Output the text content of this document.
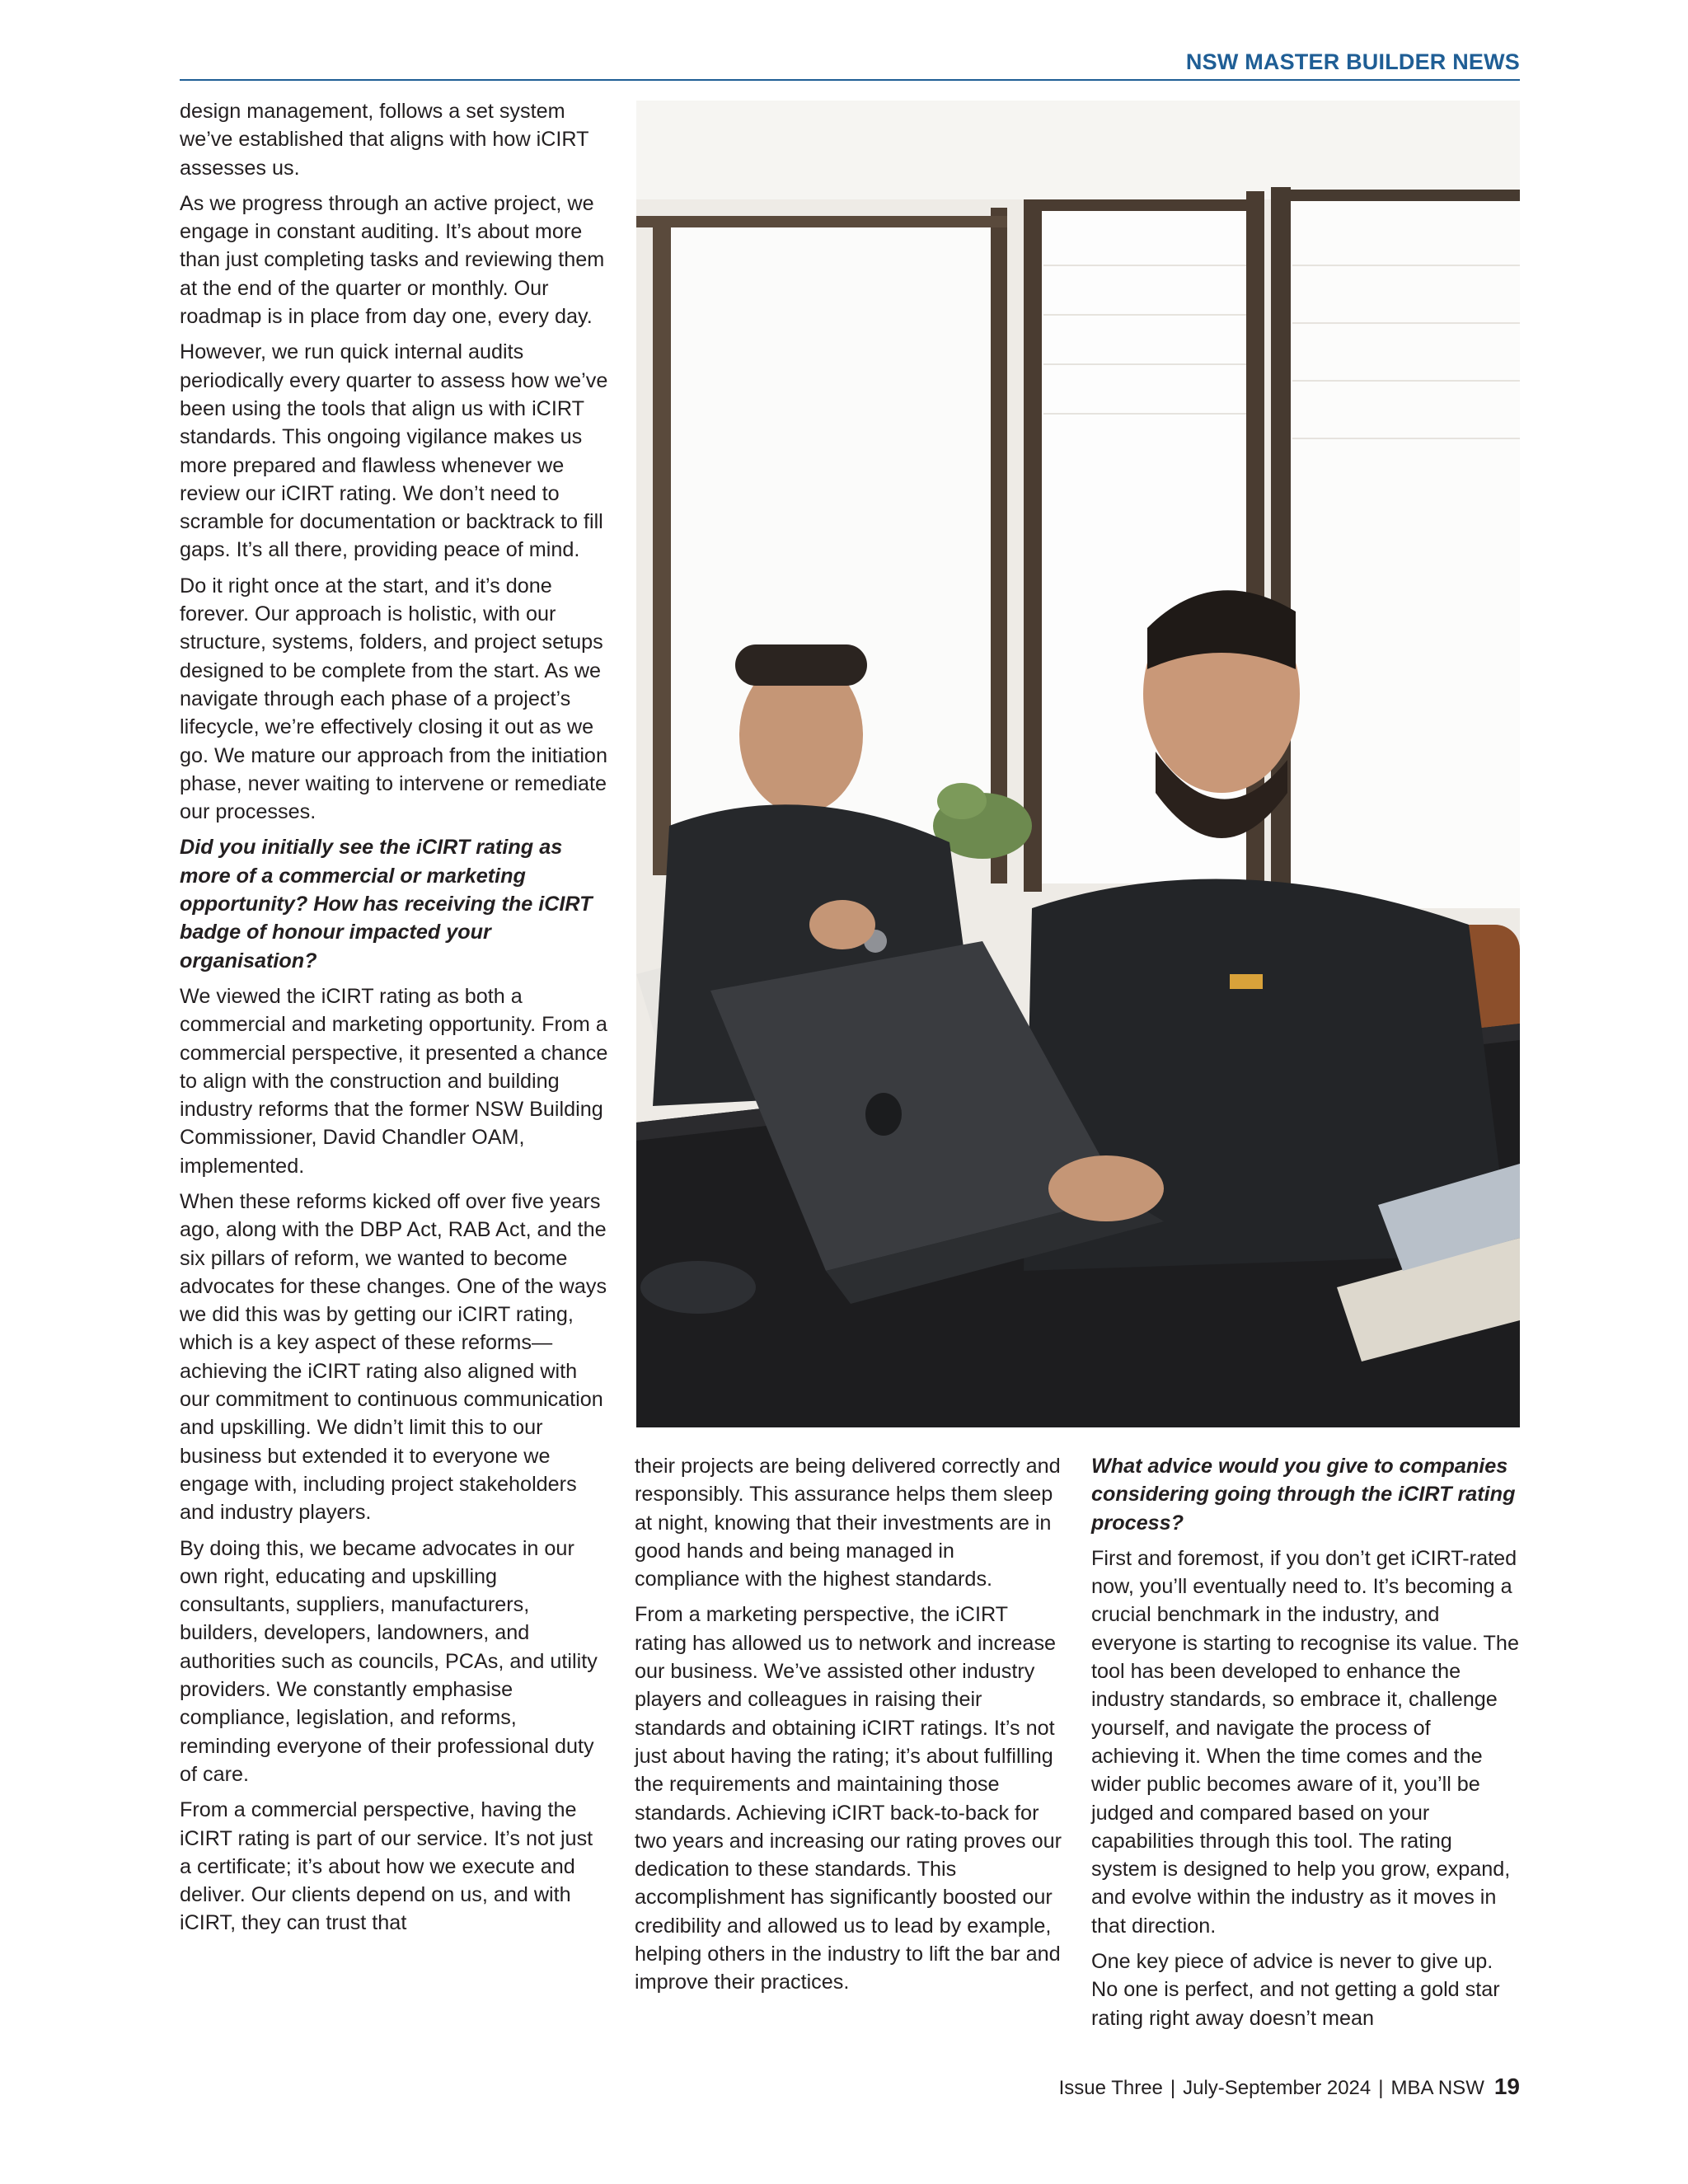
NSW MASTER BUILDER NEWS

design management, follows a set system we’ve established that aligns with how iCIRT assesses us.

As we progress through an active project, we engage in constant auditing. It’s about more than just completing tasks and reviewing them at the end of the quarter or monthly. Our roadmap is in place from day one, every day.

However, we run quick internal audits periodically every quarter to assess how we’ve been using the tools that align us with iCIRT standards. This ongoing vigilance makes us more prepared and flawless whenever we review our iCIRT rating. We don’t need to scramble for documentation or backtrack to fill gaps. It’s all there, providing peace of mind.

Do it right once at the start, and it’s done forever. Our approach is holistic, with our structure, systems, folders, and project setups designed to be complete from the start. As we navigate through each phase of a project’s lifecycle, we’re effectively closing it out as we go. We mature our approach from the initiation phase, never waiting to intervene or remediate our processes.

Did you initially see the iCIRT rating as more of a commercial or marketing opportunity? How has receiving the iCIRT badge of honour impacted your organisation?

We viewed the iCIRT rating as both a commercial and marketing opportunity. From a commercial perspective, it presented a chance to align with the construction and building industry reforms that the former NSW Building Commissioner, David Chandler OAM, implemented.

When these reforms kicked off over five years ago, along with the DBP Act, RAB Act, and the six pillars of reform, we wanted to become advocates for these changes. One of the ways we did this was by getting our iCIRT rating, which is a key aspect of these reforms—achieving the iCIRT rating also aligned with our commitment to continuous communication and upskilling. We didn’t limit this to our business but extended it to everyone we engage with, including project stakeholders and industry players.

By doing this, we became advocates in our own right, educating and upskilling consultants, suppliers, manufacturers, builders, developers, landowners, and authorities such as councils, PCAs, and utility providers. We constantly emphasise compliance, legislation, and reforms, reminding everyone of their professional duty of care.

From a commercial perspective, having the iCIRT rating is part of our service. It’s not just a certificate; it’s about how we execute and deliver. Our clients depend on us, and with iCIRT, they can trust that

their projects are being delivered correctly and responsibly. This assurance helps them sleep at night, knowing that their investments are in good hands and being managed in compliance with the highest standards.

From a marketing perspective, the iCIRT rating has allowed us to network and increase our business. We’ve assisted other industry players and colleagues in raising their standards and obtaining iCIRT ratings. It’s not just about having the rating; it’s about fulfilling the requirements and maintaining those standards. Achieving iCIRT back-to-back for two years and increasing our rating proves our dedication to these standards. This accomplishment has significantly boosted our credibility and allowed us to lead by example, helping others in the industry to lift the bar and improve their practices.

What advice would you give to companies considering going through the iCIRT rating process?

First and foremost, if you don’t get iCIRT-rated now, you’ll eventually need to. It’s becoming a crucial benchmark in the industry, and everyone is starting to recognise its value. The tool has been developed to enhance the industry standards, so embrace it, challenge yourself, and navigate the process of achieving it. When the time comes and the wider public becomes aware of it, you’ll be judged and compared based on your capabilities through this tool. The rating system is designed to help you grow, expand, and evolve within the industry as it moves in that direction.

One key piece of advice is never to give up. No one is perfect, and not getting a gold star rating right away doesn’t mean

Issue Three | July-September 2024 | MBA NSW 19
